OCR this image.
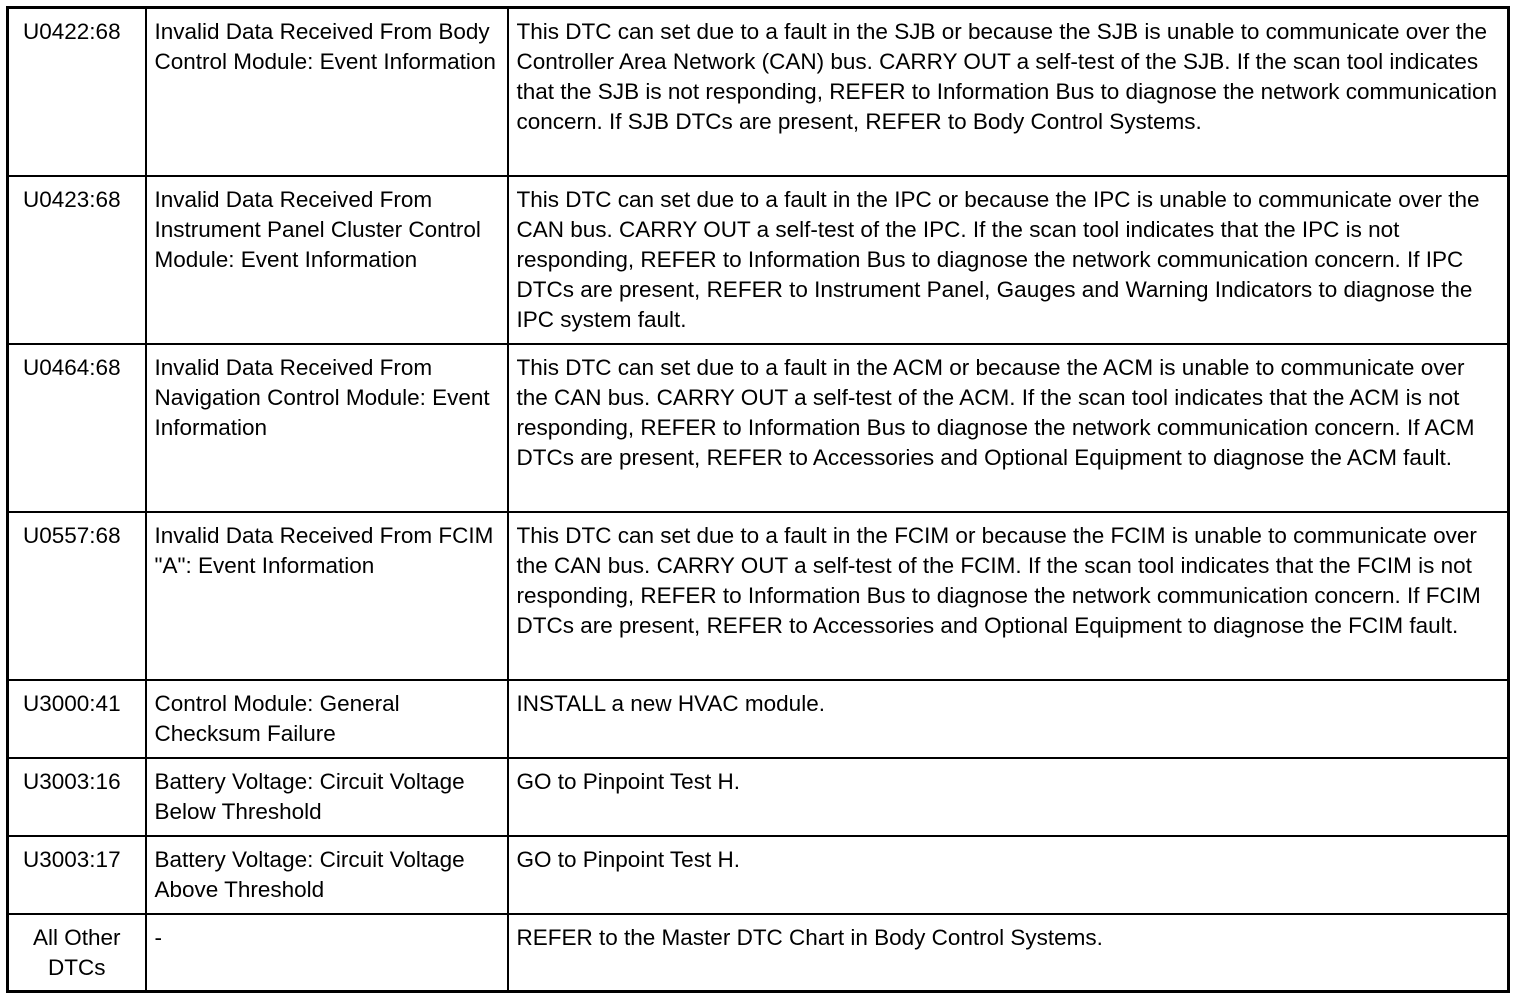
U0422:68	Invalid Data Received From Body Control Module: Event Information	This DTC can set due to a fault in the SJB or because the SJB is unable to communicate over the Controller Area Network (CAN) bus. CARRY OUT a self-test of the SJB. If the scan tool indicates that the SJB is not responding, REFER to Information Bus to diagnose the network communication concern. If SJB DTCs are present, REFER to Body Control Systems.
U0423:68	Invalid Data Received From Instrument Panel Cluster Control Module: Event Information	This DTC can set due to a fault in the IPC or because the IPC is unable to communicate over the CAN bus. CARRY OUT a self-test of the IPC. If the scan tool indicates that the IPC is not responding, REFER to Information Bus to diagnose the network communication concern. If IPC DTCs are present, REFER to Instrument Panel, Gauges and Warning Indicators to diagnose the IPC system fault.
U0464:68	Invalid Data Received From Navigation Control Module: Event Information	This DTC can set due to a fault in the ACM or because the ACM is unable to communicate over the CAN bus. CARRY OUT a self-test of the ACM. If the scan tool indicates that the ACM is not responding, REFER to Information Bus to diagnose the network communication concern. If ACM DTCs are present, REFER to Accessories and Optional Equipment to diagnose the ACM fault.
U0557:68	Invalid Data Received From FCIM "A": Event Information	This DTC can set due to a fault in the FCIM or because the FCIM is unable to communicate over the CAN bus. CARRY OUT a self-test of the FCIM. If the scan tool indicates that the FCIM is not responding, REFER to Information Bus to diagnose the network communication concern. If FCIM DTCs are present, REFER to Accessories and Optional Equipment to diagnose the FCIM fault.
U3000:41	Control Module: General Checksum Failure	INSTALL a new HVAC module.
U3003:16	Battery Voltage: Circuit Voltage Below Threshold	GO to Pinpoint Test H.
U3003:17	Battery Voltage: Circuit Voltage Above Threshold	GO to Pinpoint Test H.
All Other DTCs	-	REFER to the Master DTC Chart in Body Control Systems.
